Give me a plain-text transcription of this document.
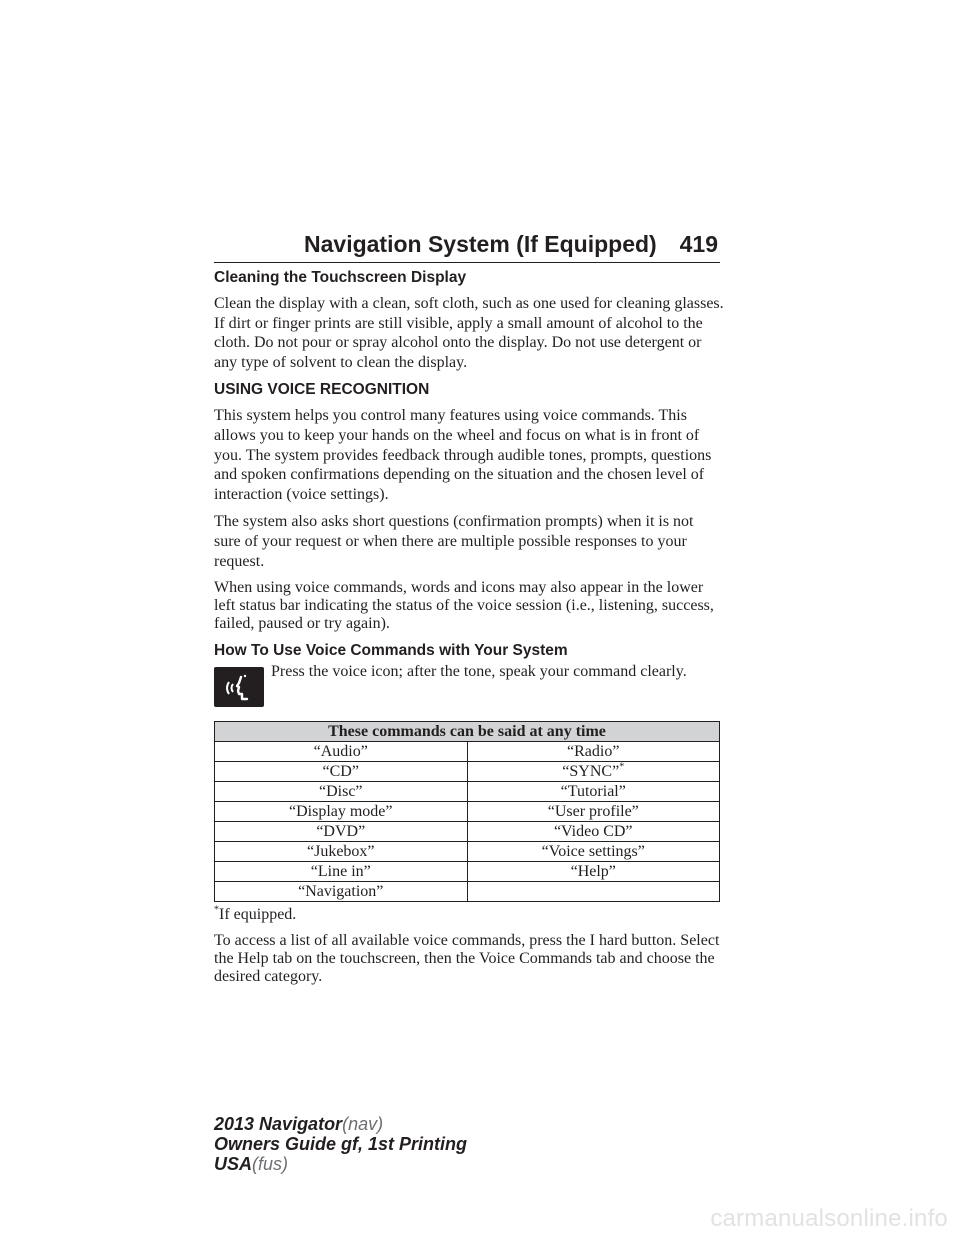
Navigation System (If Equipped) 419
Cleaning the Touchscreen Display

Clean the display with a clean, soft cloth, such as one used for cleaning glasses. If dirt or finger prints are still visible, apply a small amount of alcohol to the cloth. Do not pour or spray alcohol onto the display. Do not use detergent or any type of solvent to clean the display.

USING VOICE RECOGNITION

This system helps you control many features using voice commands. This allows you to keep your hands on the wheel and focus on what is in front of you. The system provides feedback through audible tones, prompts, questions and spoken confirmations depending on the situation and the chosen level of interaction (voice settings).

The system also asks short questions (confirmation prompts) when it is not sure of your request or when there are multiple possible responses to your request.

When using voice commands, words and icons may also appear in the lower left status bar indicating the status of the voice session (i.e., listening, success, failed, paused or try again).

How To Use Voice Commands with Your System

Press the voice icon; after the tone, speak your command clearly.

These commands can be said at any time	
“Audio”	“Radio”
“CD”	“SYNC”*
“Disc”	“Tutorial”
“Display mode”	“User profile”
“DVD”	“Video CD”
“Jukebox”	“Voice settings”
“Line in”	“Help”
“Navigation”	

*If equipped.

To access a list of all available voice commands, press the I hard button. Select the Help tab on the touchscreen, then the Voice Commands tab and choose the desired category.

2013 Navigator(nav)
Owners Guide gf, 1st Printing
USA(fus)
carmanualsonline.info
